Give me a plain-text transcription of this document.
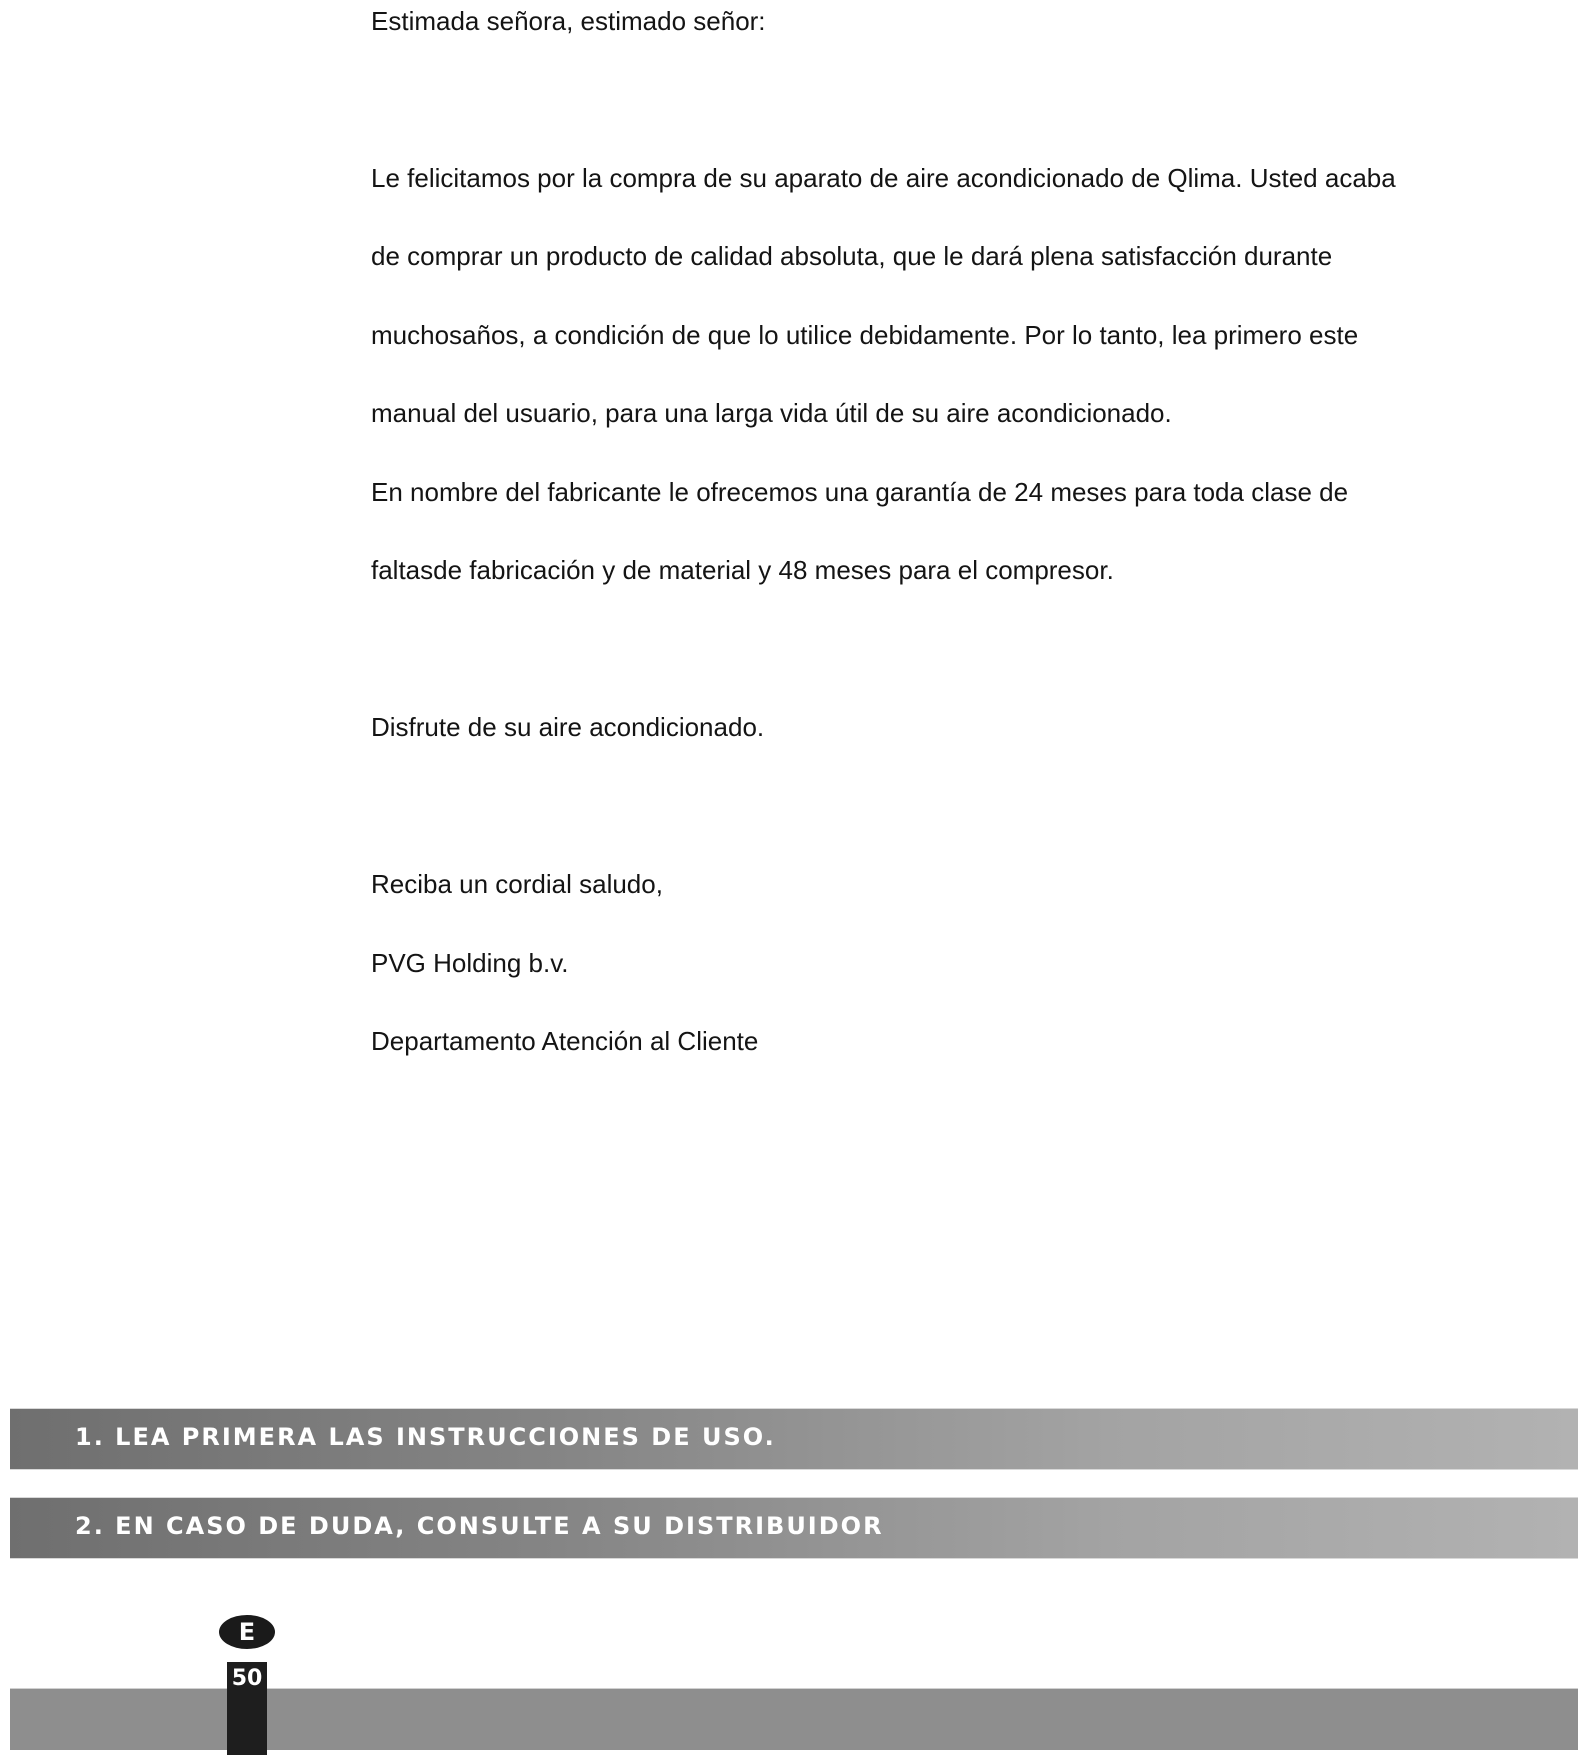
Estimada señora, estimado señor:
Le felicitamos por la compra de su aparato de aire acondicionado de Qlima. Usted acaba
de comprar un producto de calidad absoluta, que le dará plena satisfacción durante
muchosaños, a condición de que lo utilice debidamente. Por lo tanto, lea primero este
manual del usuario, para una larga vida útil de su aire acondicionado.
En nombre del fabricante le ofrecemos una garantía de 24 meses para toda clase de
faltasde fabricación y de material y 48 meses para el compresor.
Disfrute de su aire acondicionado.
Reciba un cordial saludo,
PVG Holding b.v.
Departamento Atención al Cliente
1. LEA PRIMERA LAS INSTRUCCIONES DE USO.
2. EN CASO DE DUDA, CONSULTE A SU DISTRIBUIDOR
E
50
